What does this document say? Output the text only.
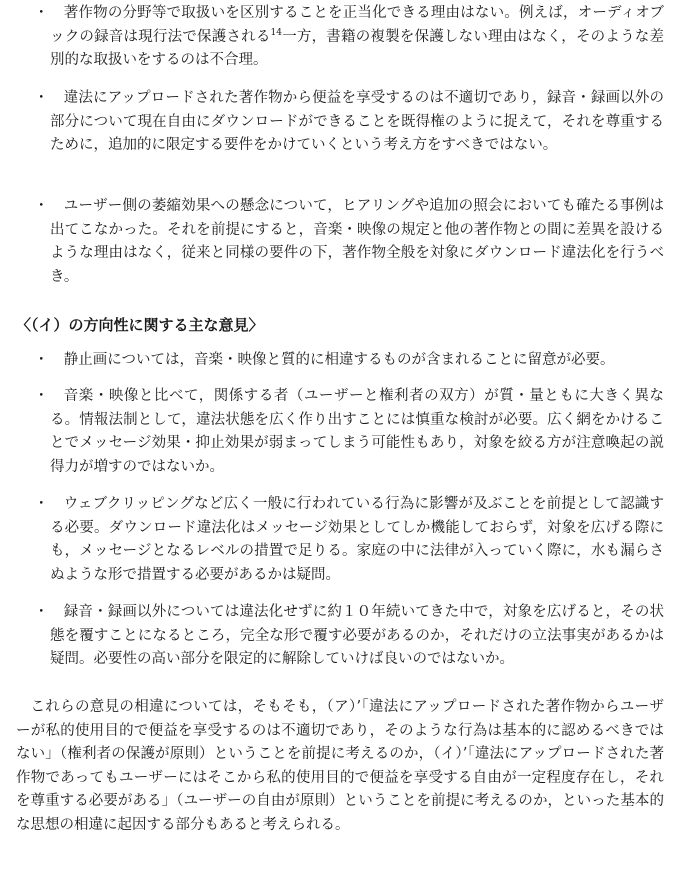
・	著作物の分野等で取扱いを区別することを正当化できる理由はない。例えば，オーディオブックの録音は現行法で保護される$^{14}$一方，書籍の複製を保護しない理由はなく，そのような差別的な取扱いをするのは不合理。

・	違法にアップロードされた著作物から便益を享受するのは不適切であり，録音・録画以外の部分について現在自由にダウンロードができることを既得権のように捉えて，それを尊重するために，追加的に限定する要件をかけていくという考え方をすべきではない。

・	ユーザー側の萎縮効果への懸念について，ヒアリングや追加の照会においても確たる事例は出てこなかった。それを前提にすると，音楽・映像の規定と他の著作物との間に差異を設けるような理由はなく，従来と同様の要件の下，著作物全般を対象にダウンロード違法化を行うべき。

〈（イ）の方向性に関する主な意見〉

・	静止画については，音楽・映像と質的に相違するものが含まれることに留意が必要。

・	音楽・映像と比べて，関係する者（ユーザーと権利者の双方）が質・量ともに大きく異なる。情報法制として，違法状態を広く作り出すことには慎重な検討が必要。広く網をかけることでメッセージ効果・抑止効果が弱まってしまう可能性もあり，対象を絞る方が注意喚起の説得力が増すのではないか。

・	ウェブクリッピングなど広く一般に行われている行為に影響が及ぶことを前提として認識する必要。ダウンロード違法化はメッセージ効果としてしか機能しておらず，対象を広げる際にも，メッセージとなるレベルの措置で足りる。家庭の中に法律が入っていく際に，水も漏らさぬような形で措置する必要があるかは疑問。

・	録音・録画以外については違法化せずに約１０年続いてきた中で，対象を広げると，その状態を覆すことになるところ，完全な形で覆す必要があるのか，それだけの立法事実があるかは疑問。必要性の高い部分を限定的に解除していけば良いのではないか。

これらの意見の相違については，そもそも，（ア）’「違法にアップロードされた著作物からユーザーが私的使用目的で便益を享受するのは不適切であり，そのような行為は基本的に認めるべきではない」（権利者の保護が原則）ということを前提に考えるのか，（イ）’「違法にアップロードされた著作物であってもユーザーにはそこから私的使用目的で便益を享受する自由が一定程度存在し，それを尊重する必要がある」（ユーザーの自由が原則）ということを前提に考えるのか，といった基本的な思想の相違に起因する部分もあると考えられる。
